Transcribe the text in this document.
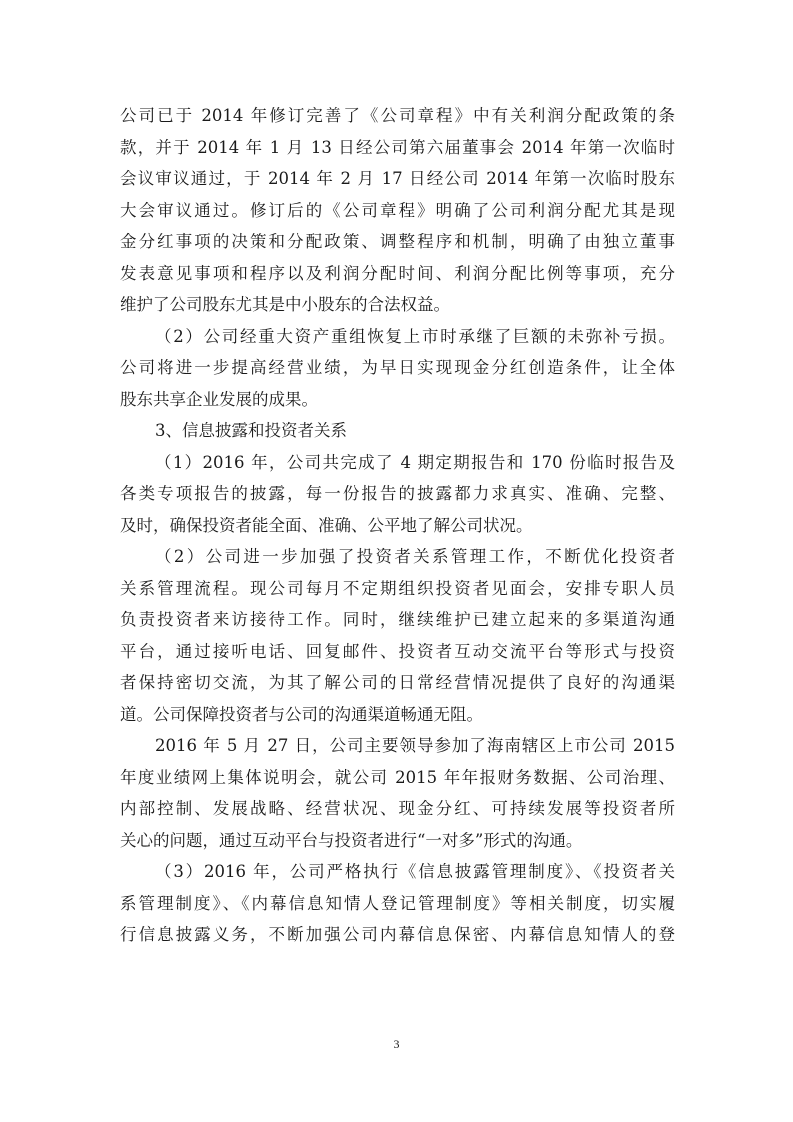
公司已于 2014 年修订完善了《公司章程》中有关利润分配政策的条
款，并于 2014 年 1 月 13 日经公司第六届董事会 2014 年第一次临时
会议审议通过，于 2014 年 2 月 17 日经公司 2014 年第一次临时股东
大会审议通过。修订后的《公司章程》明确了公司利润分配尤其是现
金分红事项的决策和分配政策、调整程序和机制，明确了由独立董事
发表意见事项和程序以及利润分配时间、利润分配比例等事项，充分
维护了公司股东尤其是中小股东的合法权益。
（2）公司经重大资产重组恢复上市时承继了巨额的未弥补亏损。
公司将进一步提高经营业绩，为早日实现现金分红创造条件，让全体
股东共享企业发展的成果。
3、信息披露和投资者关系
（1）2016 年，公司共完成了 4 期定期报告和 170 份临时报告及
各类专项报告的披露，每一份报告的披露都力求真实、准确、完整、
及时，确保投资者能全面、准确、公平地了解公司状况。
（2）公司进一步加强了投资者关系管理工作，不断优化投资者
关系管理流程。现公司每月不定期组织投资者见面会，安排专职人员
负责投资者来访接待工作。同时，继续维护已建立起来的多渠道沟通
平台，通过接听电话、回复邮件、投资者互动交流平台等形式与投资
者保持密切交流，为其了解公司的日常经营情况提供了良好的沟通渠
道。公司保障投资者与公司的沟通渠道畅通无阻。
2016 年 5 月 27 日，公司主要领导参加了海南辖区上市公司 2015
年度业绩网上集体说明会，就公司 2015 年年报财务数据、公司治理、
内部控制、发展战略、经营状况、现金分红、可持续发展等投资者所
关心的问题，通过互动平台与投资者进行“一对多”形式的沟通。
（3）2016 年，公司严格执行《信息披露管理制度》、《投资者关
系管理制度》、《内幕信息知情人登记管理制度》等相关制度，切实履
行信息披露义务，不断加强公司内幕信息保密、内幕信息知情人的登
3
